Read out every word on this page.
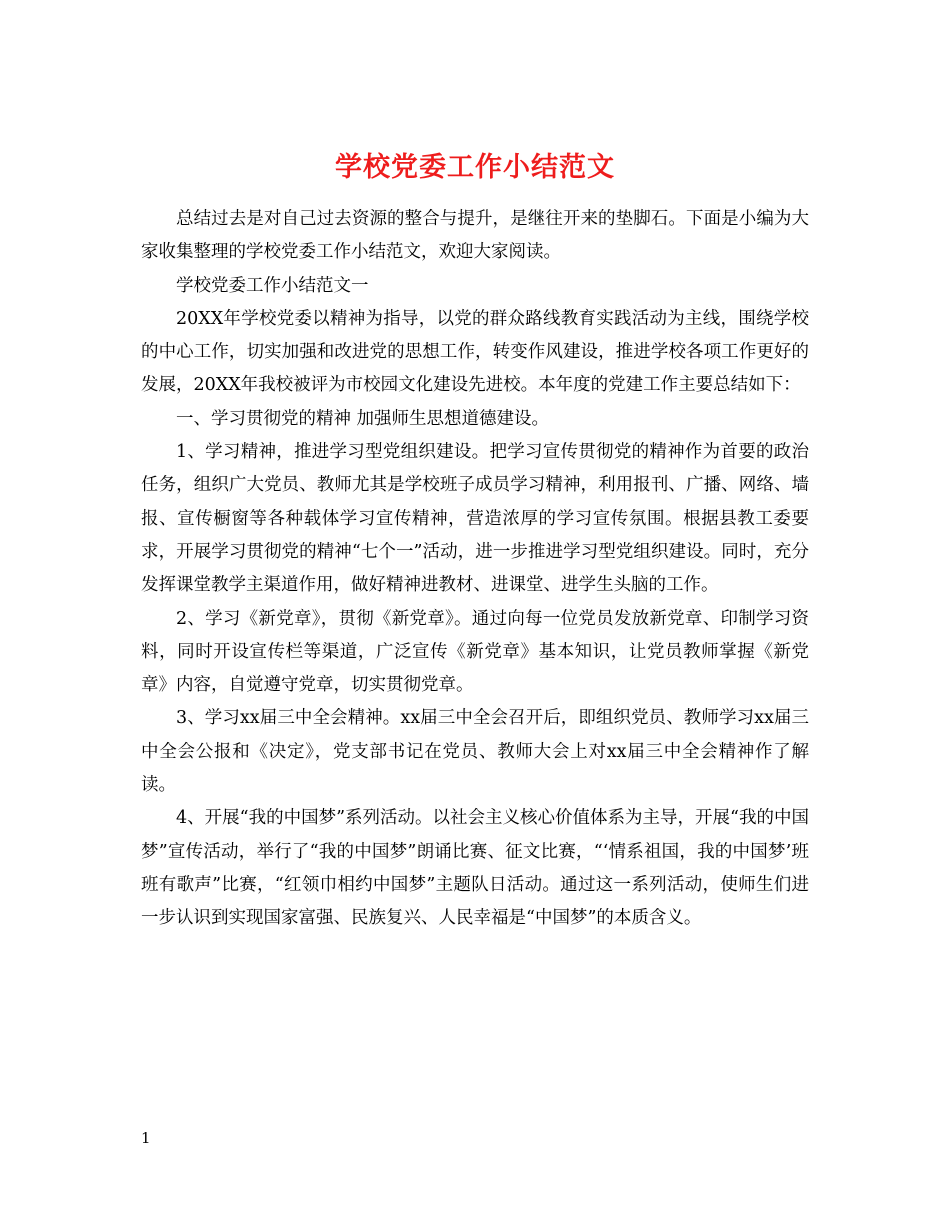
学校党委工作小结范文

总结过去是对自己过去资源的整合与提升，是继往开来的垫脚石。下面是小编为大家收集整理的学校党委工作小结范文，欢迎大家阅读。

学校党委工作小结范文一

20XX年学校党委以精神为指导，以党的群众路线教育实践活动为主线，围绕学校的中心工作，切实加强和改进党的思想工作，转变作风建设，推进学校各项工作更好的发展，20XX年我校被评为市校园文化建设先进校。本年度的党建工作主要总结如下：

一、学习贯彻党的精神 加强师生思想道德建设。

1、学习精神，推进学习型党组织建设。把学习宣传贯彻党的精神作为首要的政治任务，组织广大党员、教师尤其是学校班子成员学习精神，利用报刊、广播、网络、墙报、宣传橱窗等各种载体学习宣传精神，营造浓厚的学习宣传氛围。根据县教工委要求，开展学习贯彻党的精神“七个一”活动，进一步推进学习型党组织建设。同时，充分发挥课堂教学主渠道作用，做好精神进教材、进课堂、进学生头脑的工作。

2、学习《新党章》，贯彻《新党章》。通过向每一位党员发放新党章、印制学习资料，同时开设宣传栏等渠道，广泛宣传《新党章》基本知识，让党员教师掌握《新党章》内容，自觉遵守党章，切实贯彻党章。

3、学习xx届三中全会精神。xx届三中全会召开后，即组织党员、教师学习xx届三中全会公报和《决定》，党支部书记在党员、教师大会上对xx届三中全会精神作了解读。

4、开展“我的中国梦”系列活动。以社会主义核心价值体系为主导，开展“我的中国梦”宣传活动，举行了“我的中国梦”朗诵比赛、征文比赛，“‘情系祖国，我的中国梦’班班有歌声”比赛，“红领巾相约中国梦”主题队日活动。通过这一系列活动，使师生们进一步认识到实现国家富强、民族复兴、人民幸福是“中国梦”的本质含义。

1
